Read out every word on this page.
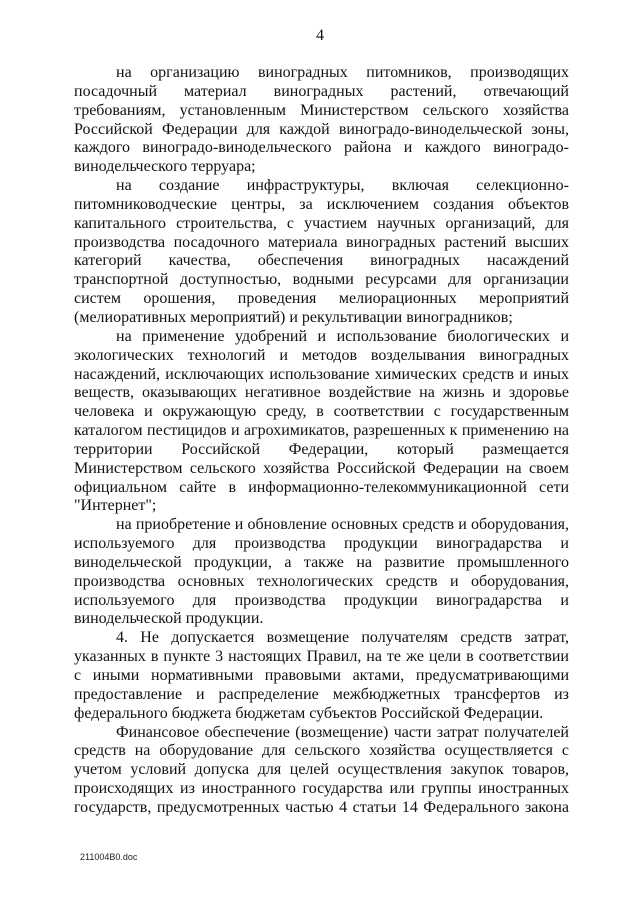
4

на организацию виноградных питомников, производящих посадочный материал виноградных растений, отвечающий требованиям, установленным Министерством сельского хозяйства Российской Федерации для каждой виноградо-винодельческой зоны, каждого виноградо-винодельческого района и каждого виноградо-винодельческого терруара;

на создание инфраструктуры, включая селекционно-питомниководческие центры, за исключением создания объектов капитального строительства, с участием научных организаций, для производства посадочного материала виноградных растений высших категорий качества, обеспечения виноградных насаждений транспортной доступностью, водными ресурсами для организации систем орошения, проведения мелиорационных мероприятий (мелиоративных мероприятий) и рекультивации виноградников;

на применение удобрений и использование биологических и экологических технологий и методов возделывания виноградных насаждений, исключающих использование химических средств и иных веществ, оказывающих негативное воздействие на жизнь и здоровье человека и окружающую среду, в соответствии с государственным каталогом пестицидов и агрохимикатов, разрешенных к применению на территории Российской Федерации, который размещается Министерством сельского хозяйства Российской Федерации на своем официальном сайте в информационно-телекоммуникационной сети "Интернет";

на приобретение и обновление основных средств и оборудования, используемого для производства продукции виноградарства и винодельческой продукции, а также на развитие промышленного производства основных технологических средств и оборудования, используемого для производства продукции виноградарства и винодельческой продукции.

4. Не допускается возмещение получателям средств затрат, указанных в пункте 3 настоящих Правил, на те же цели в соответствии с иными нормативными правовыми актами, предусматривающими предоставление и распределение межбюджетных трансфертов из федерального бюджета бюджетам субъектов Российской Федерации.

Финансовое обеспечение (возмещение) части затрат получателей средств на оборудование для сельского хозяйства осуществляется с учетом условий допуска для целей осуществления закупок товаров, происходящих из иностранного государства или группы иностранных государств, предусмотренных частью 4 статьи 14 Федерального закона

211004В0.doc
